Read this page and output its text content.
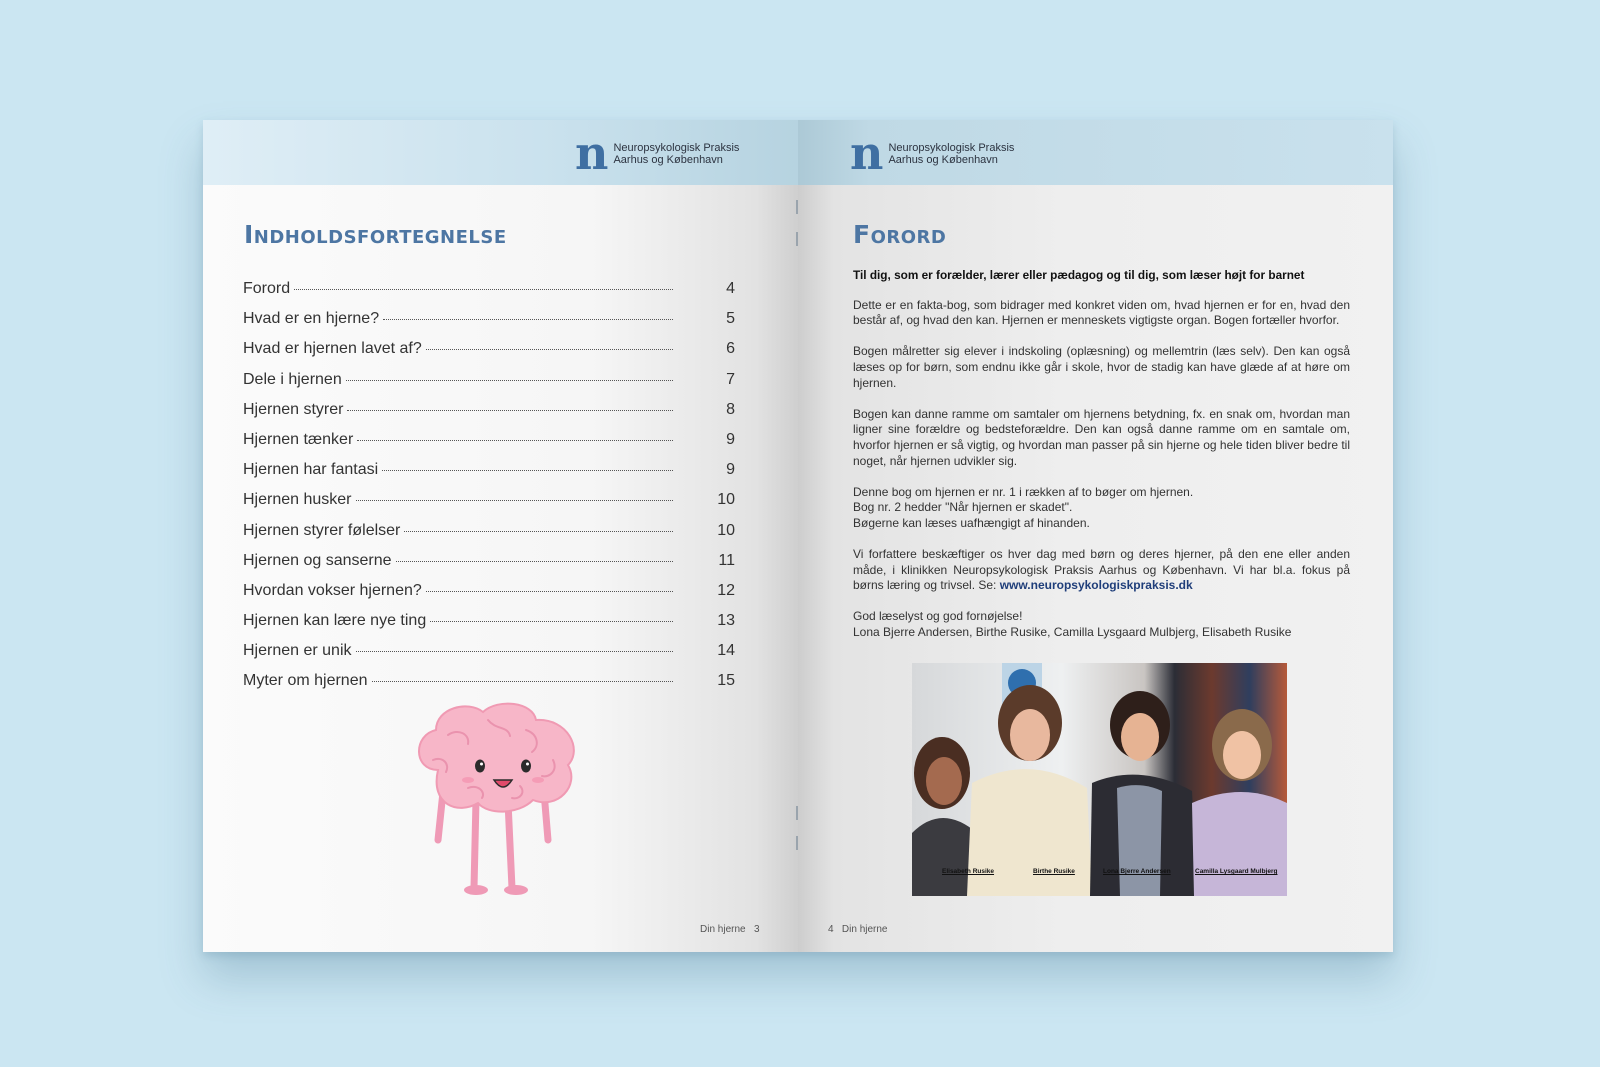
n Neuropsykologisk Praksis
Aarhus og København
Indholdsfortegnelse
Forord	4
Hvad er en hjerne?	5
Hvad er hjernen lavet af?	6
Dele i hjernen	7
Hjernen styrer	8
Hjernen tænker	9
Hjernen har fantasi	9
Hjernen husker	10
Hjernen styrer følelser	10
Hjernen og sanserne	11
Hvordan vokser hjernen?	12
Hjernen kan lære nye ting	13
Hjernen er unik	14
Myter om hjernen	15
Din hjerne 3
n Neuropsykologisk Praksis
Aarhus og København
Forord

Til dig, som er forælder, lærer eller pædagog og til dig, som læser højt for barnet

Dette er en fakta-bog, som bidrager med konkret viden om, hvad hjernen er for en, hvad den består af, og hvad den kan. Hjernen er menneskets vigtigste organ. Bogen fortæller hvorfor.

Bogen målretter sig elever i indskoling (oplæsning) og mellemtrin (læs selv). Den kan også læses op for børn, som endnu ikke går i skole, hvor de stadig kan have glæde af at høre om hjernen.

Bogen kan danne ramme om samtaler om hjernens betydning, fx. en snak om, hvordan man ligner sine forældre og bedsteforældre. Den kan også danne ramme om en samtale om, hvorfor hjernen er så vigtig, og hvordan man passer på sin hjerne og hele tiden bliver bedre til noget, når hjernen udvikler sig.

Denne bog om hjernen er nr. 1 i rækken af to bøger om hjernen.

Bog nr. 2 hedder "Når hjernen er skadet".

Bøgerne kan læses uafhængigt af hinanden.

Vi forfattere beskæftiger os hver dag med børn og deres hjerner, på den ene eller anden måde, i klinikken Neuropsykologisk Praksis Aarhus og København. Vi har bl.a. fokus på børns læring og trivsel. Se: www.neuropsykologiskpraksis.dk

God læselyst og god fornøjelse!

Lona Bjerre Andersen, Birthe Rusike, Camilla Lysgaard Mulbjerg, Elisabeth Rusike

Elisabeth Rusike	Birthe Rusike	Lona Bjerre Andersen	Camilla Lysgaard Mulbjerg
4 Din hjerne
